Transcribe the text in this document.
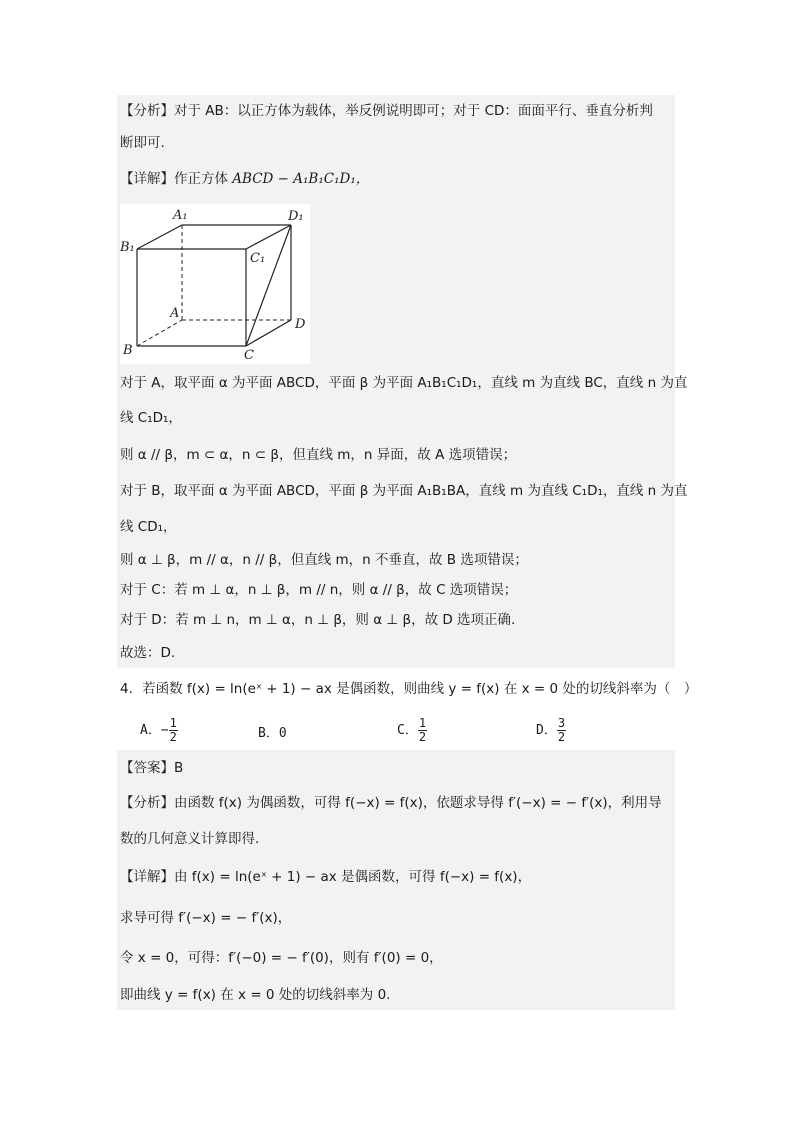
【分析】对于 AB：以正方体为载体，举反例说明即可；对于 CD：面面平行、垂直分析判
断即可.
【详解】作正方体 ABCD − A₁B₁C₁D₁，
A₁	D₁
B₁
C₁
A
D
B	C
对于 A，取平面 α 为平面 ABCD，平面 β 为平面 A₁B₁C₁D₁，直线 m 为直线 BC，直线 n 为直
线 C₁D₁，
则 α // β，m ⊂ α，n ⊂ β，但直线 m，n 异面，故 A 选项错误；
对于 B，取平面 α 为平面 ABCD，平面 β 为平面 A₁B₁BA，直线 m 为直线 C₁D₁，直线 n 为直
线 CD₁，
则 α ⊥ β，m // α，n // β，但直线 m，n 不垂直，故 B 选项错误；
对于 C：若 m ⊥ α，n ⊥ β，m // n，则 α // β，故 C 选项错误；
对于 D：若 m ⊥ n，m ⊥ α，n ⊥ β，则 α ⊥ β，故 D 选项正确.
故选：D.
4．若函数 f(x) = ln(eˣ + 1) − ax 是偶函数，则曲线 y = f(x) 在 x = 0 处的切线斜率为（　）
A．− $\frac{1}{2}$	B．0	C． $\frac{1}{2}$	D． $\frac{3}{2}$
【答案】B
【分析】由函数 f(x) 为偶函数，可得 f(−x) = f(x)，依题求导得 f′(−x) = − f′(x)，利用导
数的几何意义计算即得.
【详解】由 f(x) = ln(eˣ + 1) − ax 是偶函数，可得 f(−x) = f(x)，
求导可得 f′(−x) = − f′(x)，
令 x = 0，可得：f′(−0) = − f′(0)，则有 f′(0) = 0，
即曲线 y = f(x) 在 x = 0 处的切线斜率为 0.
